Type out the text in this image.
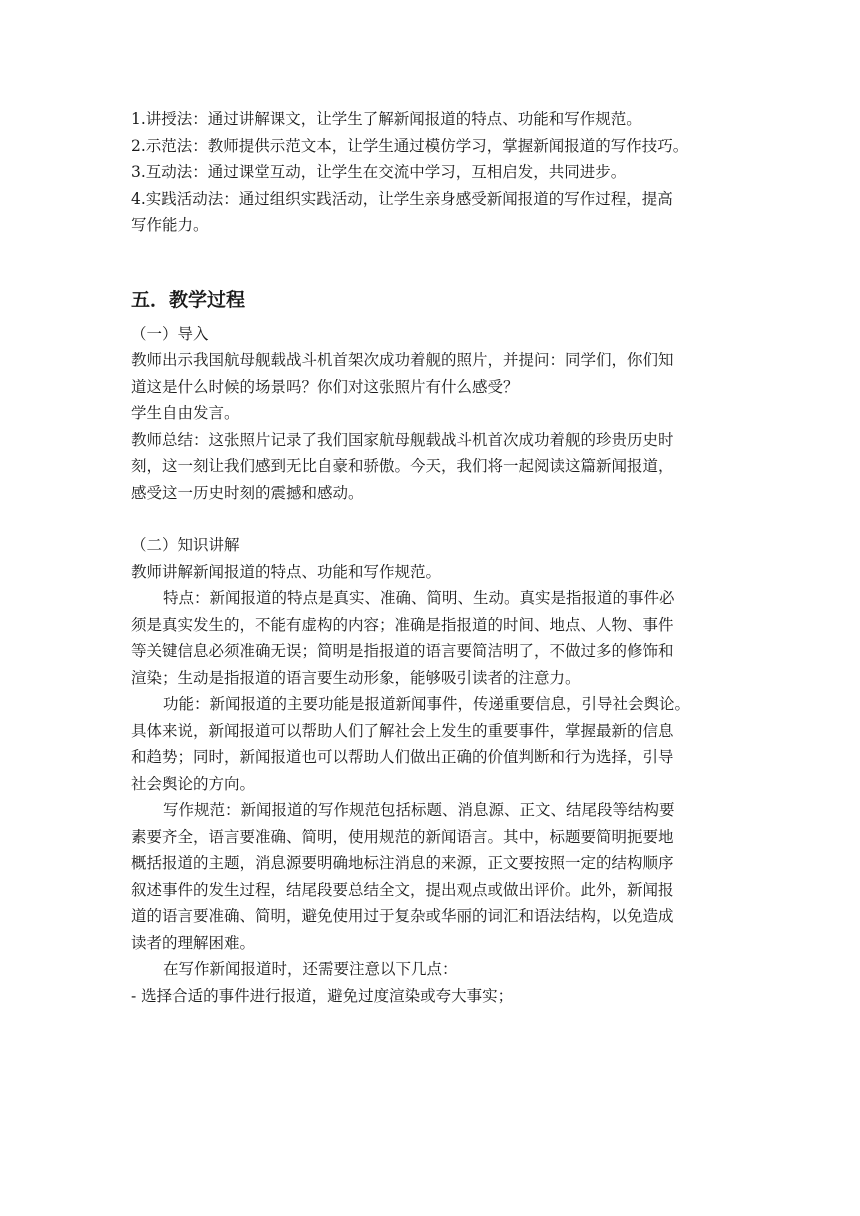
1.讲授法：通过讲解课文，让学生了解新闻报道的特点、功能和写作规范。

2.示范法：教师提供示范文本，让学生通过模仿学习，掌握新闻报道的写作技巧。

3.互动法：通过课堂互动，让学生在交流中学习，互相启发，共同进步。

4.实践活动法：通过组织实践活动，让学生亲身感受新闻报道的写作过程，提高

写作能力。

五．教学过程

（一）导入

教师出示我国航母舰载战斗机首架次成功着舰的照片，并提问：同学们，你们知

道这是什么时候的场景吗？你们对这张照片有什么感受？

学生自由发言。

教师总结：这张照片记录了我们国家航母舰载战斗机首次成功着舰的珍贵历史时

刻，这一刻让我们感到无比自豪和骄傲。今天，我们将一起阅读这篇新闻报道，

感受这一历史时刻的震撼和感动。

（二）知识讲解

教师讲解新闻报道的特点、功能和写作规范。

特点：新闻报道的特点是真实、准确、简明、生动。真实是指报道的事件必

须是真实发生的，不能有虚构的内容；准确是指报道的时间、地点、人物、事件

等关键信息必须准确无误；简明是指报道的语言要简洁明了，不做过多的修饰和

渲染；生动是指报道的语言要生动形象，能够吸引读者的注意力。

功能：新闻报道的主要功能是报道新闻事件，传递重要信息，引导社会舆论。

具体来说，新闻报道可以帮助人们了解社会上发生的重要事件，掌握最新的信息

和趋势；同时，新闻报道也可以帮助人们做出正确的价值判断和行为选择，引导

社会舆论的方向。

写作规范：新闻报道的写作规范包括标题、消息源、正文、结尾段等结构要

素要齐全，语言要准确、简明，使用规范的新闻语言。其中，标题要简明扼要地

概括报道的主题，消息源要明确地标注消息的来源，正文要按照一定的结构顺序

叙述事件的发生过程，结尾段要总结全文，提出观点或做出评价。此外，新闻报

道的语言要准确、简明，避免使用过于复杂或华丽的词汇和语法结构，以免造成

读者的理解困难。

在写作新闻报道时，还需要注意以下几点：

- 选择合适的事件进行报道，避免过度渲染或夸大事实；
